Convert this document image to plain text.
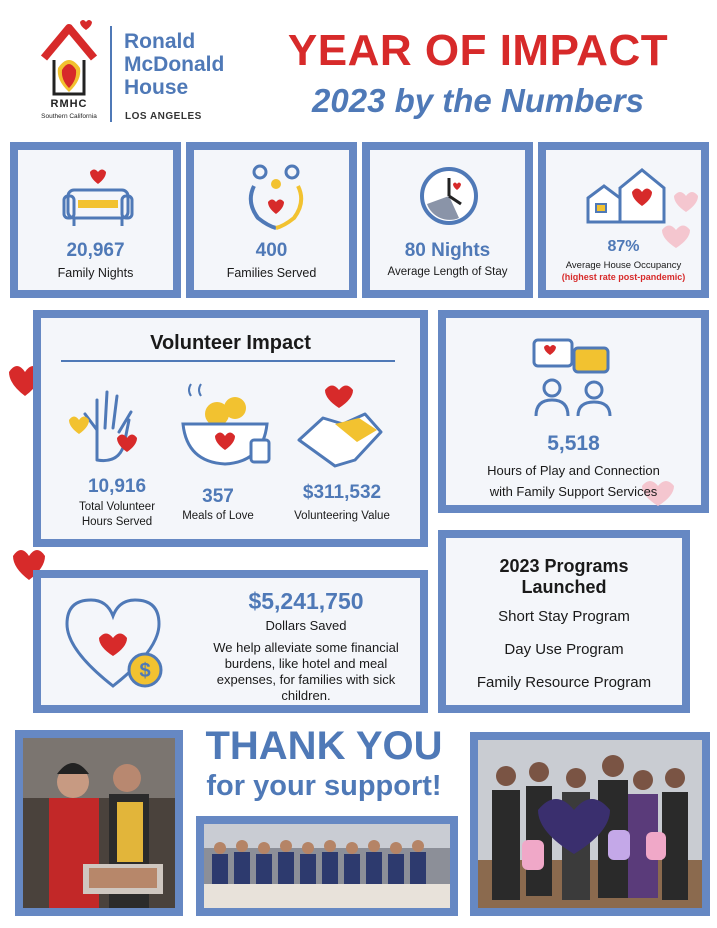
RMHC
Southern California
Ronald
McDonald
House
LOS ANGELES
YEAR OF IMPACT
2023 by the Numbers
20,967
Family Nights
400
Families Served
80 Nights
Average Length of Stay
87%
Average House Occupancy
(highest rate post-pandemic)
Volunteer Impact
10,916
Total Volunteer
Hours Served
357
Meals of Love
$311,532
Volunteering Value
5,518
Hours of Play and Connection
with Family Support Services
$
$5,241,750
Dollars Saved
We help alleviate some financial
burdens, like hotel and meal
expenses, for families with sick
children.
2023 Programs
Launched
Short Stay Program
Day Use Program
Family Resource Program
THANK YOU
for your support!
